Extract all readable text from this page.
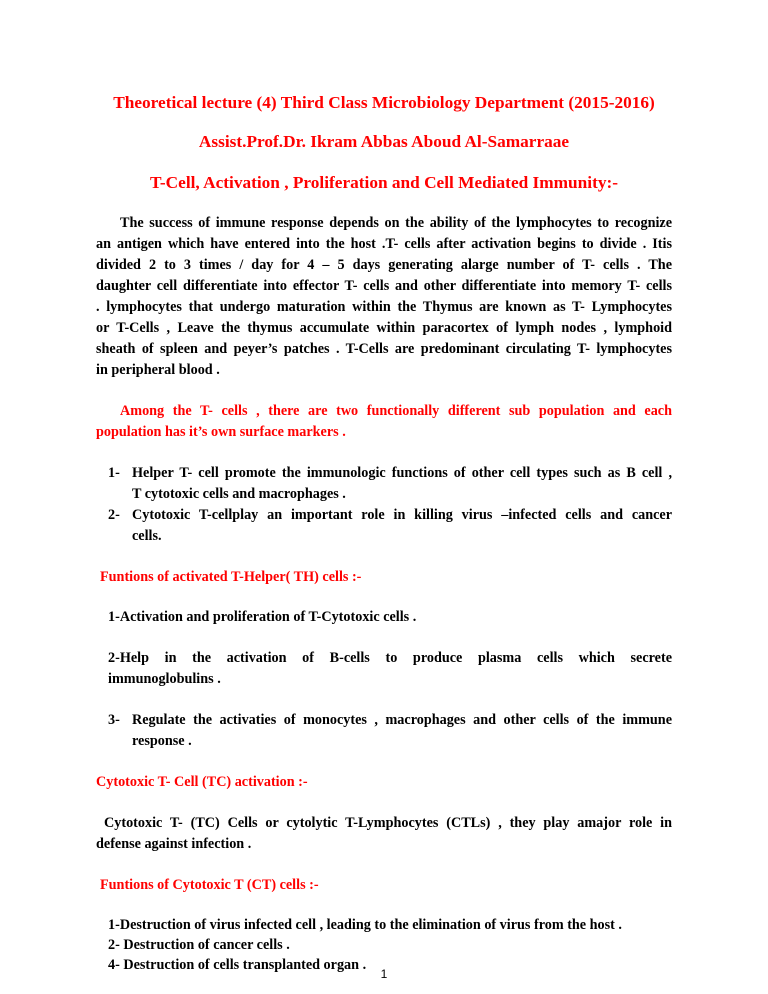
Theoretical lecture (4) Third Class Microbiology Department (2015-2016)
Assist.Prof.Dr. Ikram Abbas Aboud Al-Samarraae
T-Cell, Activation , Proliferation and Cell Mediated Immunity:-
The success of immune response depends on the ability of the lymphocytes to recognize
an antigen which have entered into the host .T- cells after activation begins to divide . Itis
divided 2 to 3 times / day for 4 – 5 days generating alarge number of T- cells . The
daughter cell differentiate into effector T- cells and other differentiate into memory T- cells
. lymphocytes that undergo maturation within the Thymus are known as T- Lymphocytes
or T-Cells , Leave the thymus accumulate within paracortex of lymph nodes , lymphoid
sheath of spleen and peyer’s patches . T-Cells are predominant circulating T- lymphocytes
in peripheral blood .
Among the T- cells , there are two functionally different sub population and each
population has it’s own surface markers .
1- Helper T- cell promote the immunologic functions of other cell types such as B cell ,
T cytotoxic cells and macrophages .
2- Cytotoxic T-cellplay an important role in killing virus –infected cells and cancer
cells.
Funtions of activated T-Helper( TH) cells :-
1-Activation and proliferation of T-Cytotoxic cells .
2-Help in the activation of B-cells to produce plasma cells which secrete
immunoglobulins .
3- Regulate the activaties of monocytes , macrophages and other cells of the immune
response .
Cytotoxic T- Cell (TC) activation :-
Cytotoxic T- (TC) Cells or cytolytic T-Lymphocytes (CTLs) , they play amajor role in
defense against infection .
Funtions of Cytotoxic T (CT) cells :-
1-Destruction of virus infected cell , leading to the elimination of virus from the host .
2- Destruction of cancer cells .
4- Destruction of cells transplanted organ .
1
